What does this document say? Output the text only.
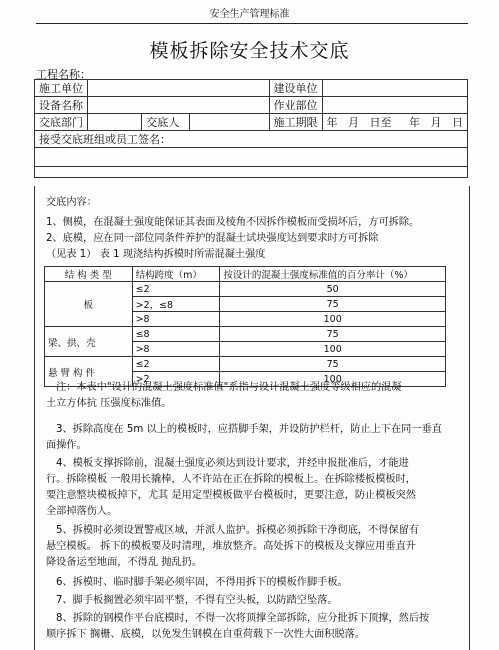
安全生产管理标准
模板拆除安全技术交底
工程名称：
施工单位				建设单位	
设备名称				作业部位	
交底部门		交底人		施工期限	年   月   日至     年   月   日
接受交底班组或员工签名：					

交底内容：
1、侧模，在混凝土强度能保证其表面及棱角不因拆作模板而受损坏后，方可拆除。
2、底模，应在同一部位同条件养护的混凝土试块强度达到要求时方可拆除
（见表 1） 表 1 现浇结构拆模时所需混凝土强度
结 构 类 型	结构跨度（m）	按设计的混凝土强度标准值的百分率计（%）
板	≤2	50
	>2，≤8	75
	>8	100
梁、拱、壳	≤8	75
	>8	100
悬 臂 构 件	≤2	75
	>2	100
注：本表中"设计的混凝土强度标准值"系指与设计混凝土强度等级相应的混凝
土立方体抗 压强度标准值。
3、拆除高度在 5m 以上的模板时，应搭脚手架，并设防护栏杆，防止上下在同一垂直
面操作。
4、模板支撑拆除前，混凝土强度必须达到设计要求，并经申报批准后，才能进
行。拆除模板 一般用长撬棒，人不许站在正在拆除的模板上。在拆除楼板模板时，
要注意整块模板掉下，尤其 是用定型模板做平台模板时，更要注意，防止模板突然
全部掉落伤人。
5、拆模时必须设置警戒区域，并派人监护。拆模必须拆除干净彻底，不得保留有
悬空模板。 拆下的模板要及时清理，堆放整齐。高处拆下的模板及支撑应用垂直升
降设备运至地面，不得乱 抛乱扔。
6、拆模时、临时脚手架必须牢固，不得用拆下的模板作脚手板。
7、脚手板搁置必须牢固平整，不得有空头板，以防踏空坠落。
8、拆除的钢模作平台底模时，不得一次将顶撑全部拆除，应分批拆下顶撑，然后按
顺序拆下 搁栅、底模，以免发生钢模在自重荷载下一次性大面积脱落。
